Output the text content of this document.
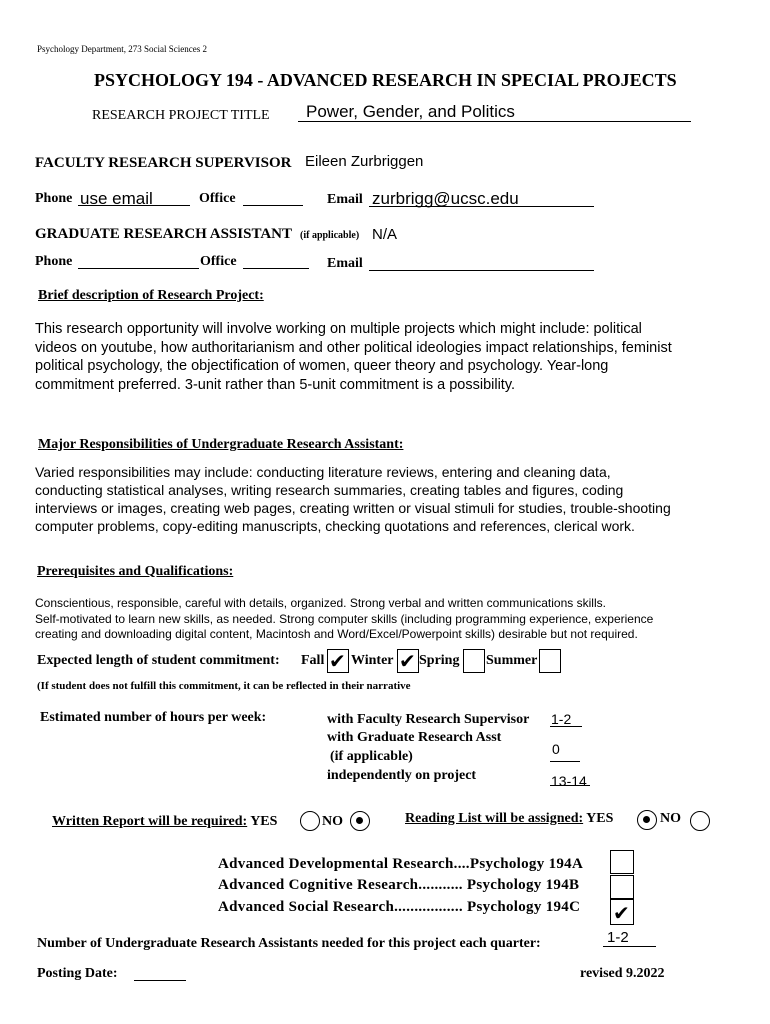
Psychology Department, 273 Social Sciences 2
PSYCHOLOGY 194 - ADVANCED RESEARCH IN SPECIAL PROJECTS
RESEARCH PROJECT TITLE Power, Gender, and Politics
FACULTY RESEARCH SUPERVISOR Eileen Zurbriggen
Phone use email	Office	Email zurbrigg@ucsc.edu
GRADUATE RESEARCH ASSISTANT (if applicable) N/A
Phone	Office	Email
Brief description of Research Project:
This research opportunity will involve working on multiple projects which might include: political
videos on youtube, how authoritarianism and other political ideologies impact relationships, feminist
political psychology, the objectification of women, queer theory and psychology. Year-long
commitment preferred. 3-unit rather than 5-unit commitment is a possibility.
Major Responsibilities of Undergraduate Research Assistant:
Varied responsibilities may include: conducting literature reviews, entering and cleaning data,
conducting statistical analyses, writing research summaries, creating tables and figures, coding
interviews or images, creating web pages, creating written or visual stimuli for studies, trouble-shooting
computer problems, copy-editing manuscripts, checking quotations and references, clerical work.
Prerequisites and Qualifications:
Conscientious, responsible, careful with details, organized. Strong verbal and written communications skills.
Self-motivated to learn new skills, as needed. Strong computer skills (including programming experience, experience
creating and downloading digital content, Macintosh and Word/Excel/Powerpoint skills) desirable but not required.
Expected length of student commitment: Fall ✔ Winter ✔ Spring Summer
(If student does not fulfill this commitment, it can be reflected in their narrative
Estimated number of hours per week:	with Faculty Research Supervisor 1-2
with Graduate Research Asst
(if applicable)	0
independently on project	13-14
Written Report will be required: YES	NO	Reading List will be assigned: YES	NO
Advanced Developmental Research....Psychology 194A
Advanced Cognitive Research........... Psychology 194B
Advanced Social Research................. Psychology 194C ✔
Number of Undergraduate Research Assistants needed for this project each quarter:	1-2
Posting Date:	revised 9.2022
